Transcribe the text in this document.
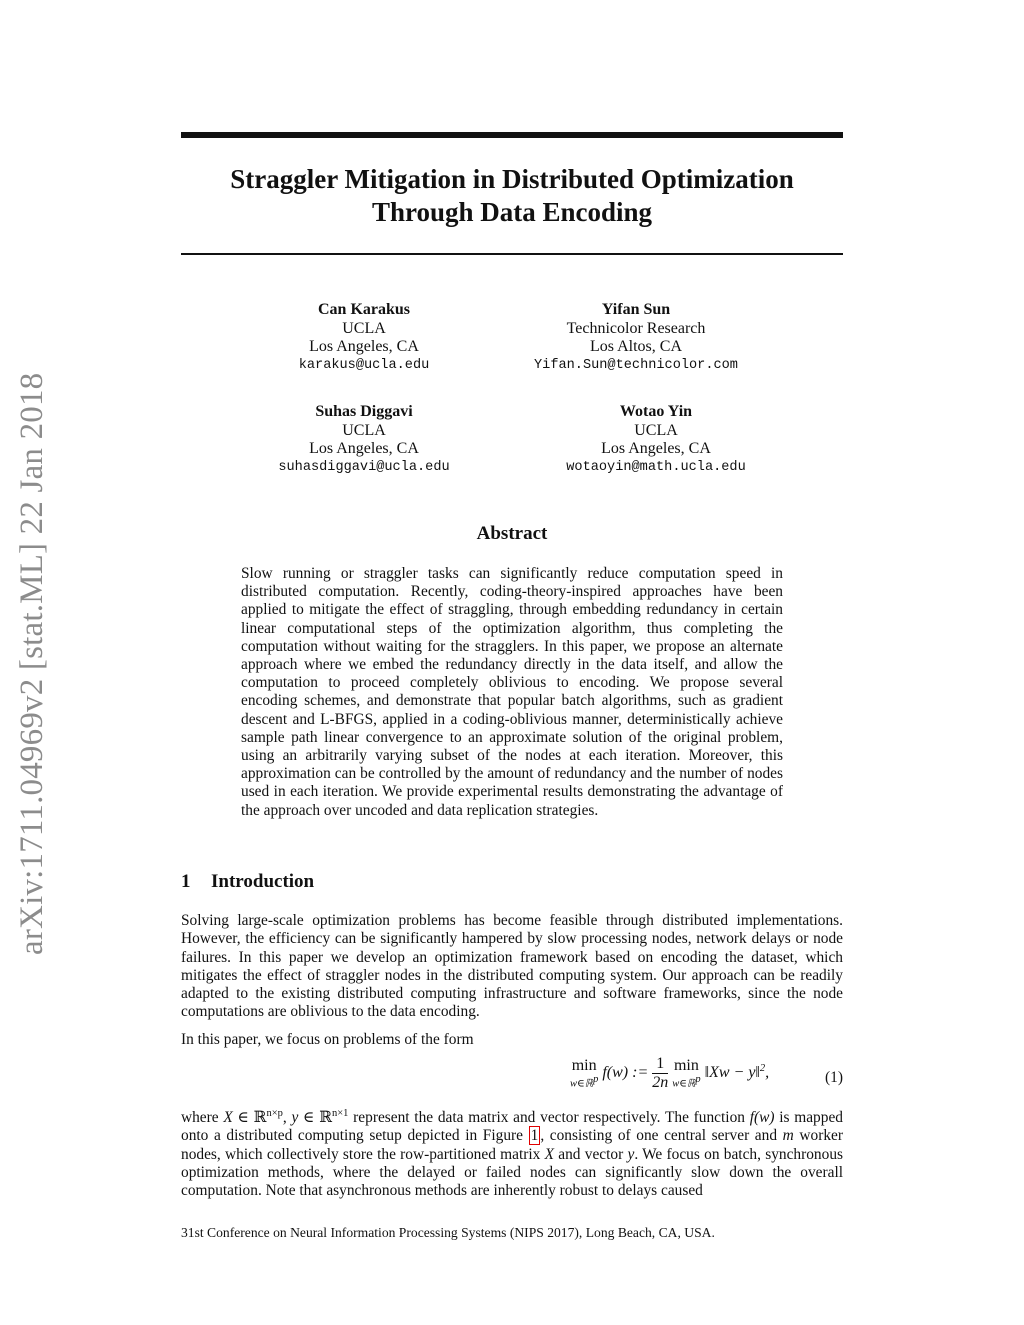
arXiv:1711.04969v2 [stat.ML] 22 Jan 2018
Straggler Mitigation in Distributed Optimization
Through Data Encoding
Can Karakus
UCLA
Los Angeles, CA
karakus@ucla.edu
Yifan Sun
Technicolor Research
Los Altos, CA
Yifan.Sun@technicolor.com
Suhas Diggavi
UCLA
Los Angeles, CA
suhasdiggavi@ucla.edu
Wotao Yin
UCLA
Los Angeles, CA
wotaoyin@math.ucla.edu
Abstract

Slow running or straggler tasks can significantly reduce computation speed in distributed computation. Recently, coding-theory-inspired approaches have been applied to mitigate the effect of straggling, through embedding redundancy in certain linear computational steps of the optimization algorithm, thus completing the computation without waiting for the stragglers. In this paper, we propose an alternate approach where we embed the redundancy directly in the data itself, and allow the computation to proceed completely oblivious to encoding. We propose several encoding schemes, and demonstrate that popular batch algorithms, such as gradient descent and L-BFGS, applied in a coding-oblivious manner, deterministically achieve sample path linear convergence to an approximate solution of the original problem, using an arbitrarily varying subset of the nodes at each iteration. Moreover, this approximation can be controlled by the amount of redundancy and the number of nodes used in each iteration. We provide experimental results demonstrating the advantage of the approach over uncoded and data replication strategies.

1 Introduction

Solving large-scale optimization problems has become feasible through distributed implementations. However, the efficiency can be significantly hampered by slow processing nodes, network delays or node failures. In this paper we develop an optimization framework based on encoding the dataset, which mitigates the effect of straggler nodes in the distributed computing system. Our approach can be readily adapted to the existing distributed computing infrastructure and software frameworks, since the node computations are oblivious to the data encoding.

In this paper, we focus on problems of the form

min
w∈ℝ$^p$ f(w) := $\frac{1}{2n}$
min
w∈ℝ$^p$ ‖Xw − y‖$^2$,	(1)

where X ∈ ℝ$^{n\times p}$, y ∈ ℝ$^{n\times 1}$ represent the data matrix and vector respectively. The function f(w) is mapped onto a distributed computing setup depicted in Figure 1 , consisting of one central server and m worker nodes, which collectively store the row-partitioned matrix X and vector y. We focus on batch, synchronous optimization methods, where the delayed or failed nodes can significantly slow down the overall computation. Note that asynchronous methods are inherently robust to delays caused

31st Conference on Neural Information Processing Systems (NIPS 2017), Long Beach, CA, USA.
